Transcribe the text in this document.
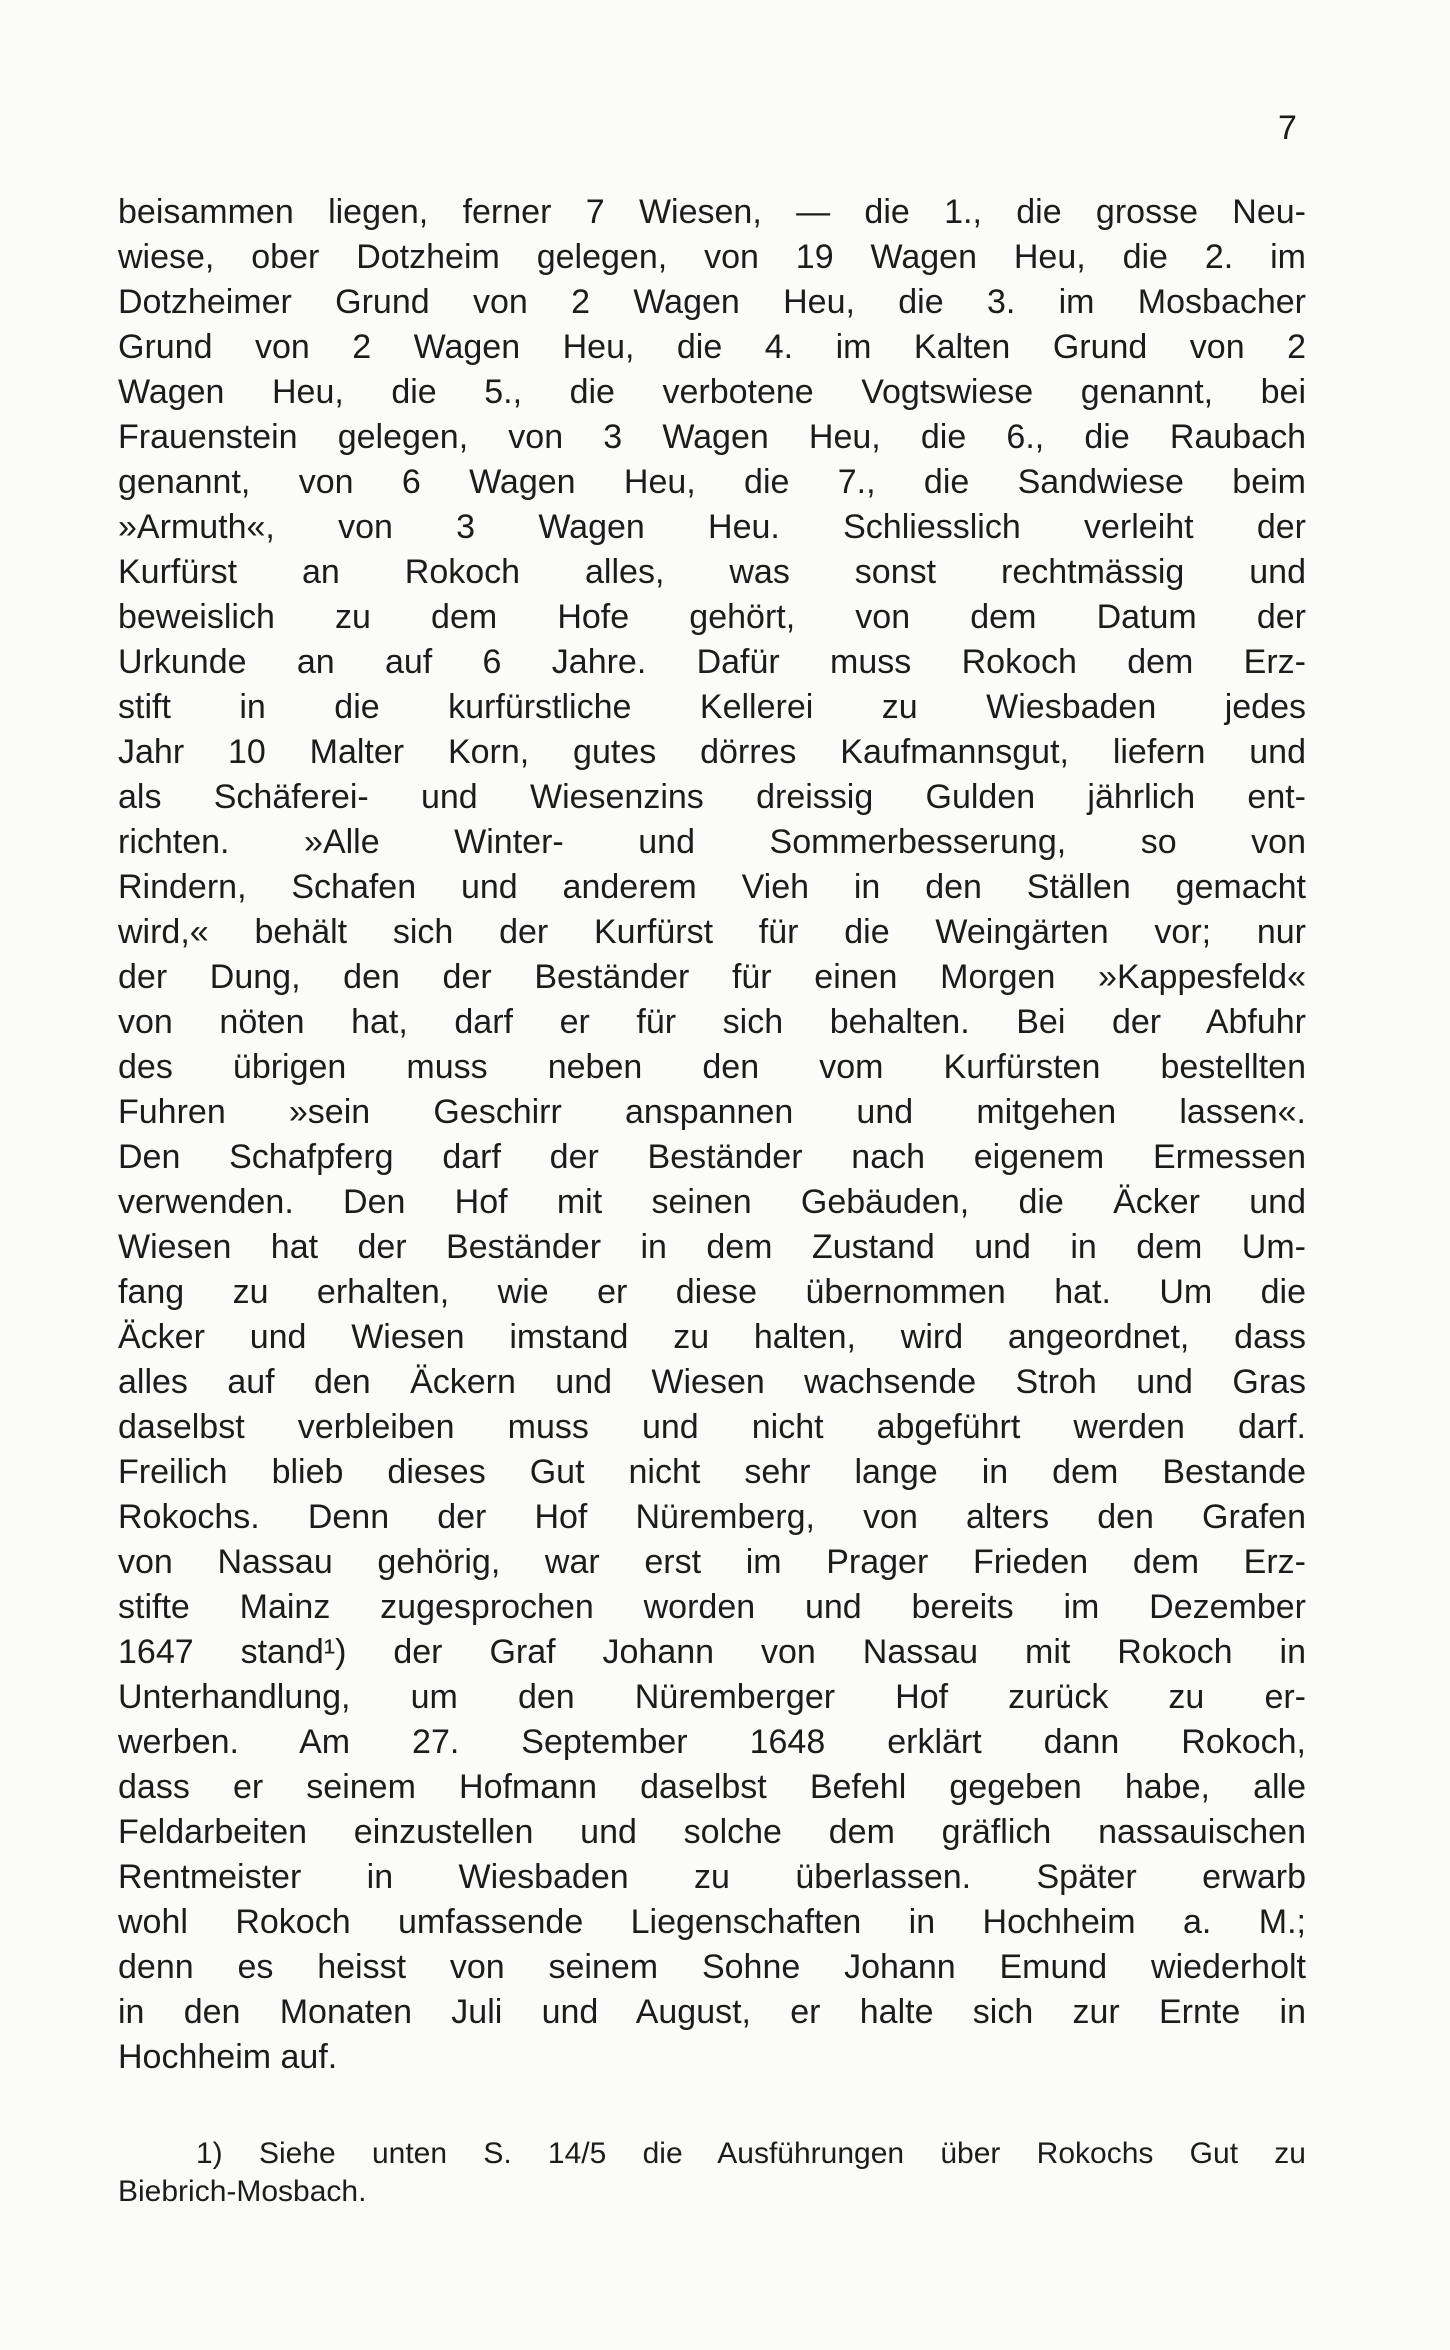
7
beisammen liegen, ferner 7 Wiesen, — die 1., die grosse Neu-
wiese, ober Dotzheim gelegen, von 19 Wagen Heu, die 2. im
Dotzheimer Grund von 2 Wagen Heu, die 3. im Mosbacher
Grund von 2 Wagen Heu, die 4. im Kalten Grund von 2
Wagen Heu, die 5., die verbotene Vogtswiese genannt, bei
Frauenstein gelegen, von 3 Wagen Heu, die 6., die Raubach
genannt, von 6 Wagen Heu, die 7., die Sandwiese beim
»Armuth«, von 3 Wagen Heu. Schliesslich verleiht der
Kurfürst an Rokoch alles, was sonst rechtmässig und
beweislich zu dem Hofe gehört, von dem Datum der
Urkunde an auf 6 Jahre. Dafür muss Rokoch dem Erz-
stift in die kurfürstliche Kellerei zu Wiesbaden jedes
Jahr 10 Malter Korn, gutes dörres Kaufmannsgut, liefern und
als Schäferei- und Wiesenzins dreissig Gulden jährlich ent-
richten. »Alle Winter- und Sommerbesserung, so von
Rindern, Schafen und anderem Vieh in den Ställen gemacht
wird,« behält sich der Kurfürst für die Weingärten vor; nur
der Dung, den der Beständer für einen Morgen »Kappesfeld«
von nöten hat, darf er für sich behalten. Bei der Abfuhr
des übrigen muss neben den vom Kurfürsten bestellten
Fuhren »sein Geschirr anspannen und mitgehen lassen«.
Den Schafpferg darf der Beständer nach eigenem Ermessen
verwenden. Den Hof mit seinen Gebäuden, die Äcker und
Wiesen hat der Beständer in dem Zustand und in dem Um-
fang zu erhalten, wie er diese übernommen hat. Um die
Äcker und Wiesen imstand zu halten, wird angeordnet, dass
alles auf den Äckern und Wiesen wachsende Stroh und Gras
daselbst verbleiben muss und nicht abgeführt werden darf.
Freilich blieb dieses Gut nicht sehr lange in dem Bestande
Rokochs. Denn der Hof Nüremberg, von alters den Grafen
von Nassau gehörig, war erst im Prager Frieden dem Erz-
stifte Mainz zugesprochen worden und bereits im Dezember
1647 stand¹) der Graf Johann von Nassau mit Rokoch in
Unterhandlung, um den Nüremberger Hof zurück zu er-
werben. Am 27. September 1648 erklärt dann Rokoch,
dass er seinem Hofmann daselbst Befehl gegeben habe, alle
Feldarbeiten einzustellen und solche dem gräflich nassauischen
Rentmeister in Wiesbaden zu überlassen. Später erwarb
wohl Rokoch umfassende Liegenschaften in Hochheim a. M.;
denn es heisst von seinem Sohne Johann Emund wiederholt
in den Monaten Juli und August, er halte sich zur Ernte in
Hochheim auf.
1) Siehe unten S. 14/5 die Ausführungen über Rokochs Gut zu
Biebrich-Mosbach.
